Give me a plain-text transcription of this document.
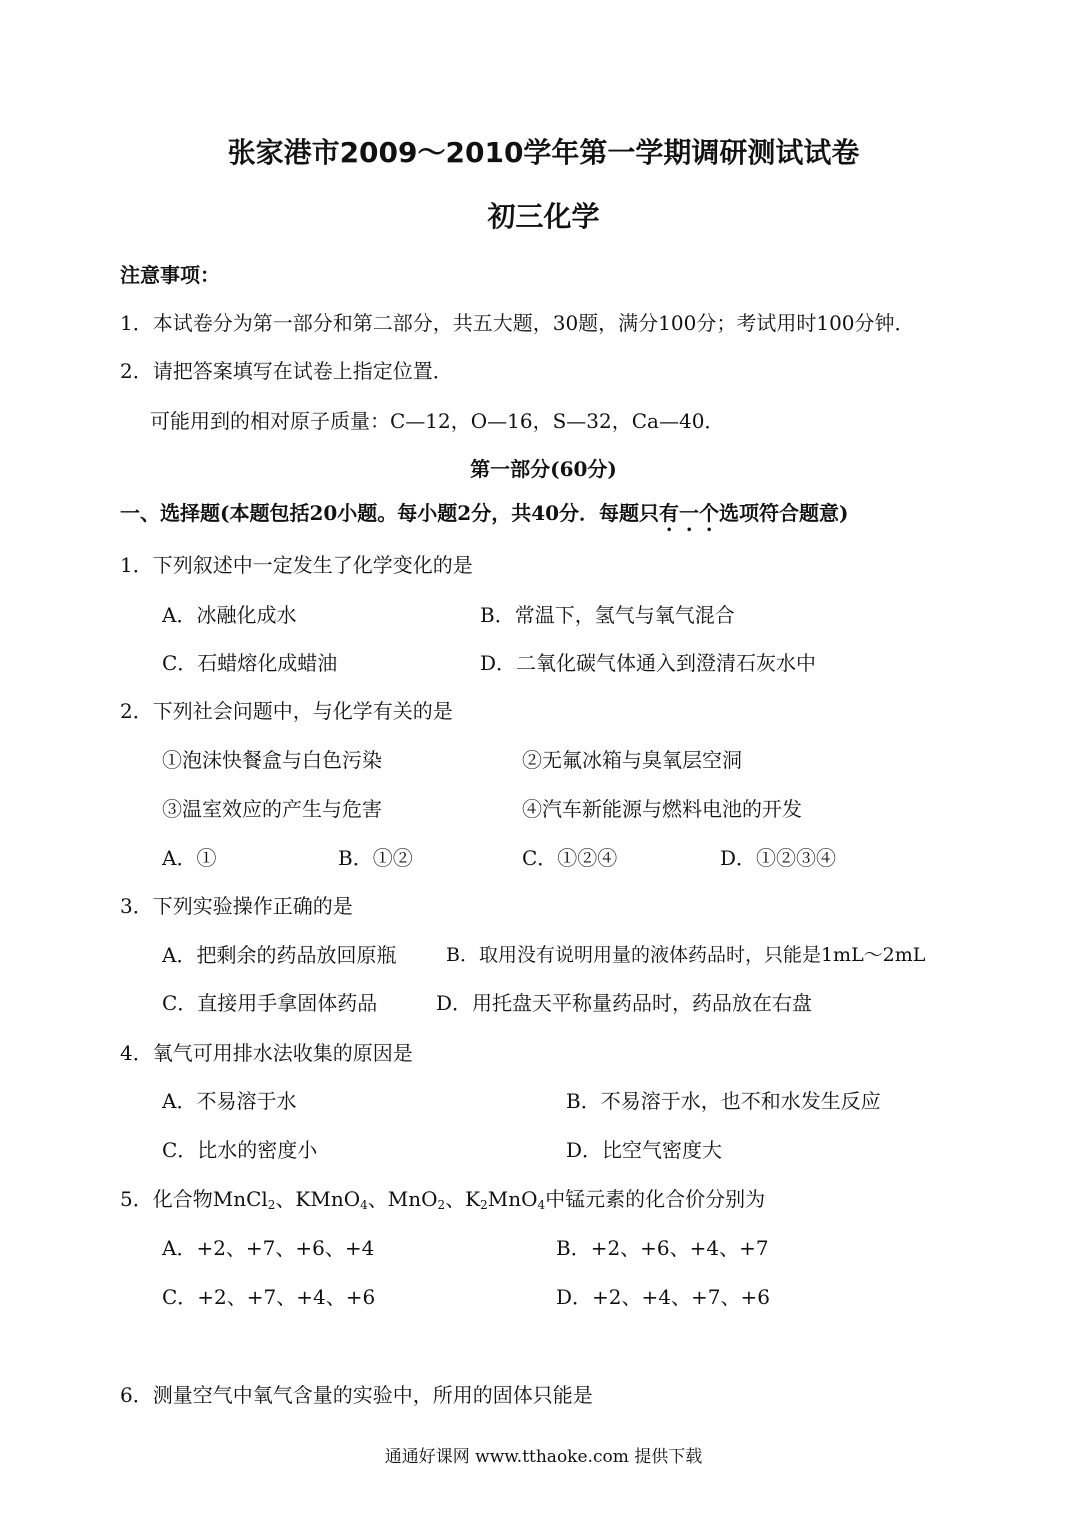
张家港市2009～2010学年第一学期调研测试试卷
初三化学
注意事项：
1．本试卷分为第一部分和第二部分，共五大题，30题，满分100分；考试用时100分钟．
2．请把答案填写在试卷上指定位置．
可能用到的相对原子质量：C—12，O—16，S—32，Ca—40．
第一部分(60分)
一、选择题(本题包括20小题。每小题2分，共40分．每题只有一个选项符合题意)
1．下列叙述中一定发生了化学变化的是
A．冰融化成水	B．常温下，氢气与氧气混合
C．石蜡熔化成蜡油	D．二氧化碳气体通入到澄清石灰水中
2．下列社会问题中，与化学有关的是
①泡沫快餐盒与白色污染	②无氟冰箱与臭氧层空洞
③温室效应的产生与危害	④汽车新能源与燃料电池的开发
A．①	B．①②	C．①②④	D．①②③④
3．下列实验操作正确的是
A．把剩余的药品放回原瓶	B．取用没有说明用量的液体药品时，只能是1mL～2mL
C．直接用手拿固体药品	D．用托盘天平称量药品时，药品放在右盘
4．氧气可用排水法收集的原因是
A．不易溶于水	B．不易溶于水，也不和水发生反应
C．比水的密度小	D．比空气密度大
5．化合物MnCl$_2$、KMnO$_4$、MnO$_2$、$K_2MnO_4$中锰元素的化合价分别为
A．+2、+7、+6、+4	B．+2、+6、+4、+7
C．+2、+7、+4、+6	D．+2、+4、+7、+6
6．测量空气中氧气含量的实验中，所用的固体只能是
通通好课网 www.tthaoke.com 提供下载
